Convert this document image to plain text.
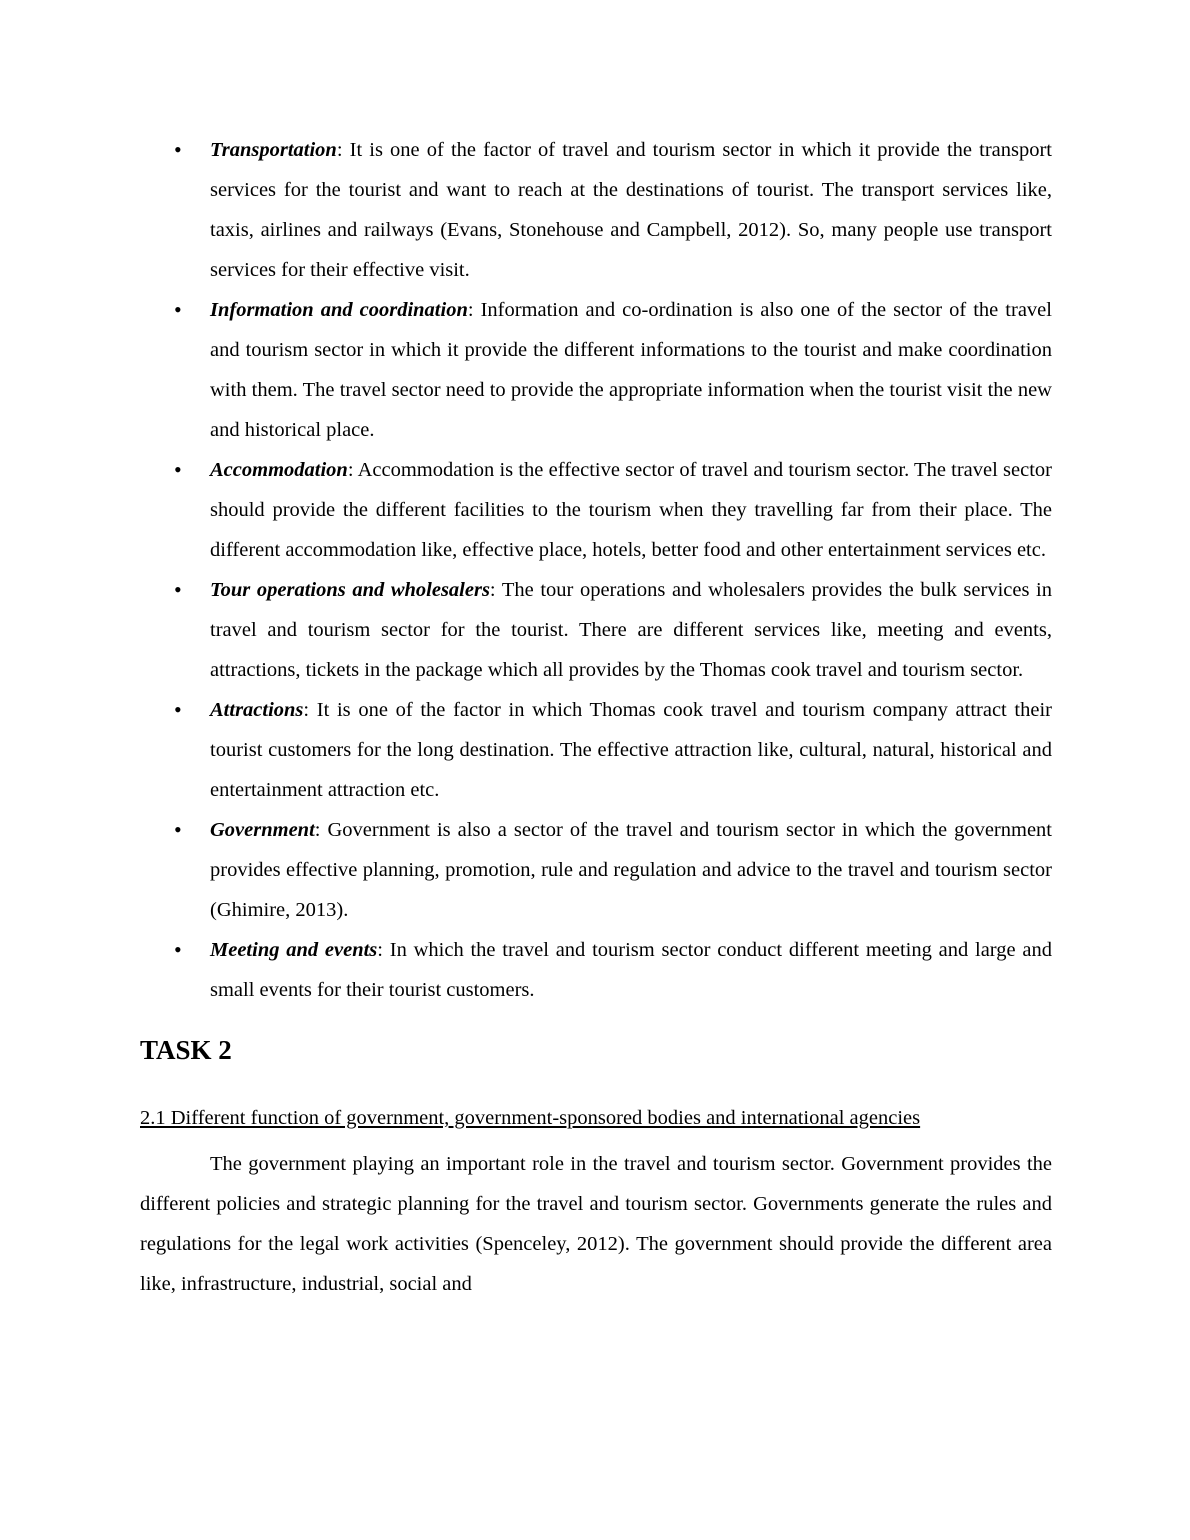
• Transportation: It is one of the factor of travel and tourism sector in which it provide the transport services for the tourist and want to reach at the destinations of tourist. The transport services like, taxis, airlines and railways (Evans, Stonehouse and Campbell, 2012). So, many people use transport services for their effective visit.
• Information and coordination: Information and co-ordination is also one of the sector of the travel and tourism sector in which it provide the different informations to the tourist and make coordination with them. The travel sector need to provide the appropriate information when the tourist visit the new and historical place.
• Accommodation: Accommodation is the effective sector of travel and tourism sector. The travel sector should provide the different facilities to the tourism when they travelling far from their place. The different accommodation like, effective place, hotels, better food and other entertainment services etc.
• Tour operations and wholesalers: The tour operations and wholesalers provides the bulk services in travel and tourism sector for the tourist. There are different services like, meeting and events, attractions, tickets in the package which all provides by the Thomas cook travel and tourism sector.
• Attractions: It is one of the factor in which Thomas cook travel and tourism company attract their tourist customers for the long destination. The effective attraction like, cultural, natural, historical and entertainment attraction etc.
• Government: Government is also a sector of the travel and tourism sector in which the government provides effective planning, promotion, rule and regulation and advice to the travel and tourism sector (Ghimire, 2013).
• Meeting and events: In which the travel and tourism sector conduct different meeting and large and small events for their tourist customers.
TASK 2
2.1 Different function of government, government-sponsored bodies and international agencies

The government playing an important role in the travel and tourism sector. Government provides the different policies and strategic planning for the travel and tourism sector. Governments generate the rules and regulations for the legal work activities (Spenceley, 2012). The government should provide the different area like, infrastructure, industrial, social and
